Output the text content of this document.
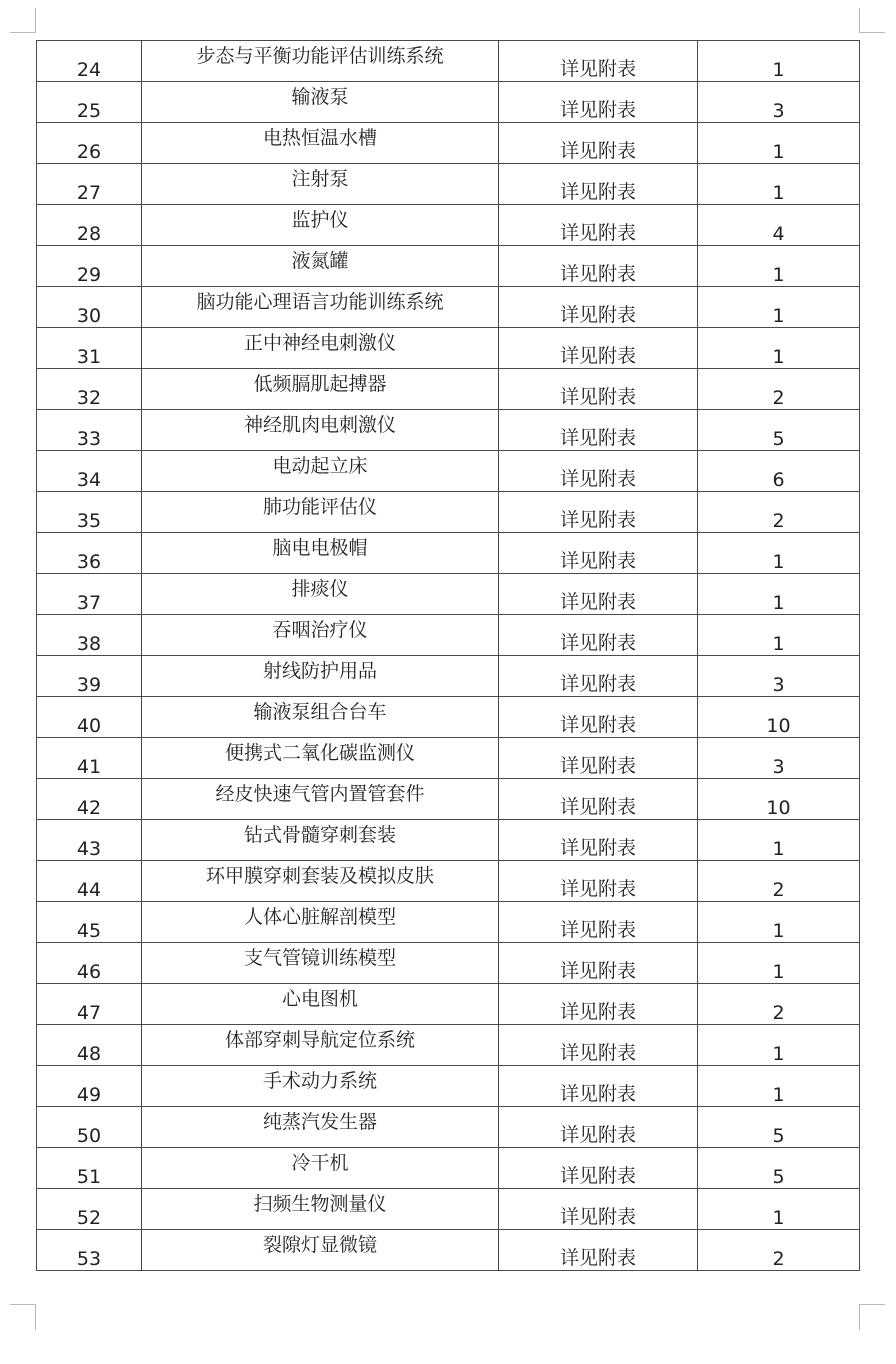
24	步态与平衡功能评估训练系统	详见附表	1
25	输液泵	详见附表	3
26	电热恒温水槽	详见附表	1
27	注射泵	详见附表	1
28	监护仪	详见附表	4
29	液氮罐	详见附表	1
30	脑功能心理语言功能训练系统	详见附表	1
31	正中神经电刺激仪	详见附表	1
32	低频膈肌起搏器	详见附表	2
33	神经肌肉电刺激仪	详见附表	5
34	电动起立床	详见附表	6
35	肺功能评估仪	详见附表	2
36	脑电电极帽	详见附表	1
37	排痰仪	详见附表	1
38	吞咽治疗仪	详见附表	1
39	射线防护用品	详见附表	3
40	输液泵组合台车	详见附表	10
41	便携式二氧化碳监测仪	详见附表	3
42	经皮快速气管内置管套件	详见附表	10
43	钻式骨髓穿刺套装	详见附表	1
44	环甲膜穿刺套装及模拟皮肤	详见附表	2
45	人体心脏解剖模型	详见附表	1
46	支气管镜训练模型	详见附表	1
47	心电图机	详见附表	2
48	体部穿刺导航定位系统	详见附表	1
49	手术动力系统	详见附表	1
50	纯蒸汽发生器	详见附表	5
51	冷干机	详见附表	5
52	扫频生物测量仪	详见附表	1
53	裂隙灯显微镜	详见附表	2
